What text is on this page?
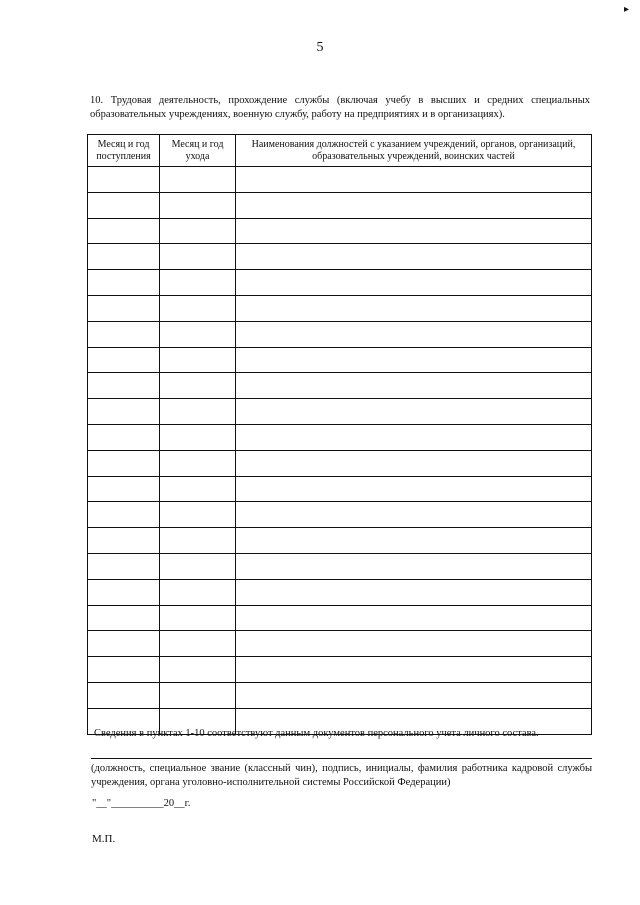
▸
5
10. Трудовая деятельность, прохождение службы (включая учебу в высших и средних специальных образовательных учреждениях, военную службу, работу на предприятиях и в организациях).
Месяц и год поступления	Месяц и год ухода	Наименования должностей с указанием учреждений, органов, организаций, образовательных учреждений, воинских частей

Сведения в пунктах 1-10 соответствуют данным документов персонального учета личного состава.
(должность, специальное звание (классный чин), подпись, инициалы, фамилия работника кадровой службы учреждения, органа уголовно-исполнительной системы Российской Федерации)
"__"__________20__г.
М.П.
